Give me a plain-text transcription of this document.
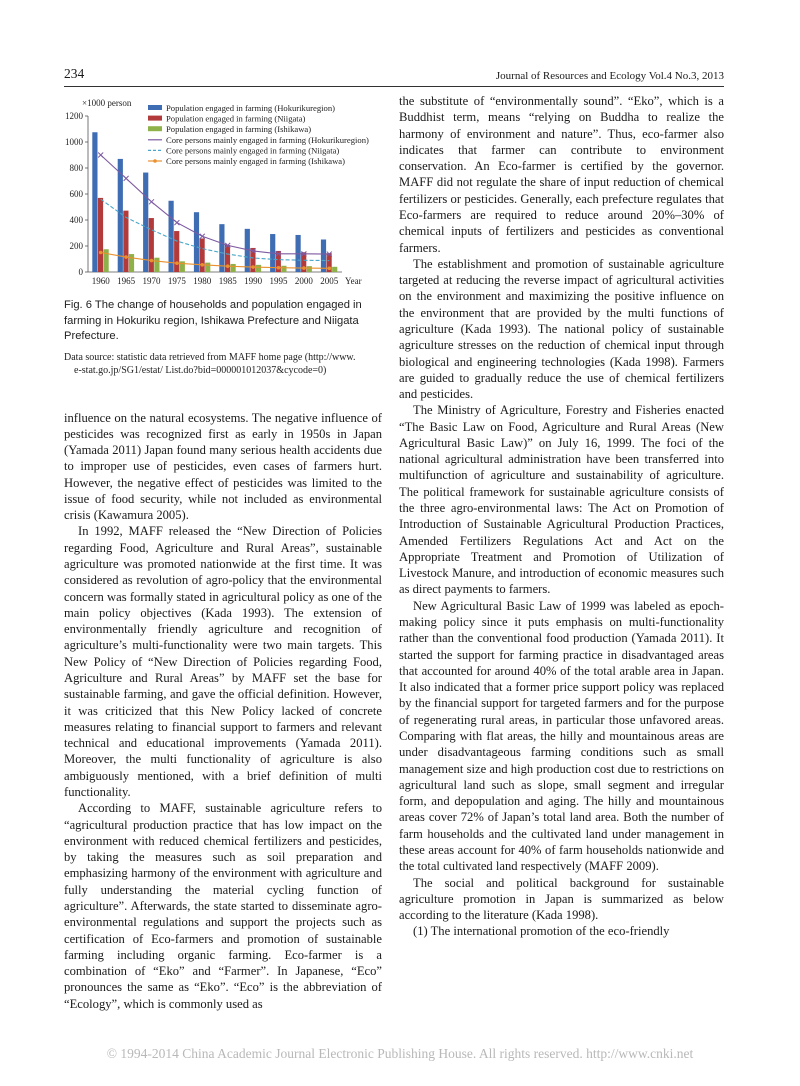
234	Journal of Resources and Ecology Vol.4 No.3, 2013
0
200
400
600
800
1000
1200
×1000 person
1960 1965 1970 1975 1980 1985 1990 1995 2000 2005 Year
Population engaged in farming (Hokurikuregion)
Population engaged in farming (Niigata)
Population engaged in farming (Ishikawa)
Core persons mainly engaged in farming (Hokurikuregion)
Core persons mainly engaged in farming (Niigata)
Core persons mainly engaged in farming (Ishikawa)
Fig. 6 The change of households and population engaged in farming in Hokuriku region, Ishikawa Prefecture and Niigata Prefecture.
Data source: statistic data retrieved from MAFF home page (http://www.
e-stat.go.jp/SG1/estat/ List.do?bid=000001012037&cycode=0)

influence on the natural ecosystems. The negative influence of pesticides was recognized first as early in 1950s in Japan (Yamada 2011) Japan found many serious health accidents due to improper use of pesticides, even cases of farmers hurt. However, the negative effect of pesticides was limited to the issue of food security, while not included as environmental crisis (Kawamura 2005).

In 1992, MAFF released the “New Direction of Policies regarding Food, Agriculture and Rural Areas”, sustainable agriculture was promoted nationwide at the first time. It was considered as revolution of agro-policy that the environmental concern was formally stated in agricultural policy as one of the main policy objectives (Kada 1993). The extension of environmentally friendly agriculture and recognition of agriculture’s multi-functionality were two main targets. This New Policy of “New Direction of Policies regarding Food, Agriculture and Rural Areas” by MAFF set the base for sustainable farming, and gave the official definition. However, it was criticized that this New Policy lacked of concrete measures relating to financial support to farmers and relevant technical and educational improvements (Yamada 2011). Moreover, the multi functionality of agriculture is also ambiguously mentioned, with a brief definition of multi functionality.

According to MAFF, sustainable agriculture refers to “agricultural production practice that has low impact on the environment with reduced chemical fertilizers and pesticides, by taking the measures such as soil preparation and emphasizing harmony of the environment with agriculture and fully understanding the material cycling function of agriculture”. Afterwards, the state started to disseminate agro-environmental regulations and support the projects such as certification of Eco-farmers and promotion of sustainable farming including organic farming. Eco-farmer is a combination of “Eko” and “Farmer”. In Japanese, “Eco” pronounces the same as “Eko”. “Eco” is the abbreviation of “Ecology”, which is commonly used as

the substitute of “environmentally sound”. “Eko”, which is a Buddhist term, means “relying on Buddha to realize the harmony of environment and nature”. Thus, eco-farmer also indicates that farmer can contribute to environment conservation. An Eco-farmer is certified by the governor. MAFF did not regulate the share of input reduction of chemical fertilizers or pesticides. Generally, each prefecture regulates that Eco-farmers are required to reduce around 20%–30% of chemical inputs of fertilizers and pesticides as conventional farmers.

The establishment and promotion of sustainable agriculture targeted at reducing the reverse impact of agricultural activities on the environment and maximizing the positive influence on the environment that are provided by the multi functions of agriculture (Kada 1993). The national policy of sustainable agriculture stresses on the reduction of chemical input through biological and engineering technologies (Kada 1998). Farmers are guided to gradually reduce the use of chemical fertilizers and pesticides.

The Ministry of Agriculture, Forestry and Fisheries enacted “The Basic Law on Food, Agriculture and Rural Areas (New Agricultural Basic Law)” on July 16, 1999. The foci of the national agricultural administration have been transferred into multifunction of agriculture and sustainability of agriculture. The political framework for sustainable agriculture consists of the three agro-environmental laws: The Act on Promotion of Introduction of Sustainable Agricultural Production Practices, Amended Fertilizers Regulations Act and Act on the Appropriate Treatment and Promotion of Utilization of Livestock Manure, and introduction of economic measures such as direct payments to farmers.

New Agricultural Basic Law of 1999 was labeled as epoch-making policy since it puts emphasis on multi-functionality rather than the conventional food production (Yamada 2011). It started the support for farming practice in disadvantaged areas that accounted for around 40% of the total arable area in Japan. It also indicated that a former price support policy was replaced by the financial support for targeted farmers and for the purpose of regenerating rural areas, in particular those unfavored areas. Comparing with flat areas, the hilly and mountainous areas are under disadvantageous farming conditions such as small management size and high production cost due to restrictions on agricultural land such as slope, small segment and irregular form, and depopulation and aging. The hilly and mountainous areas cover 72% of Japan’s total land area. Both the number of farm households and the cultivated land under management in these areas account for 40% of farm households nationwide and the total cultivated land respectively (MAFF 2009).

The social and political background for sustainable agriculture promotion in Japan is summarized as below according to the literature (Kada 1998).

(1) The international promotion of the eco-friendly

© 1994-2014 China Academic Journal Electronic Publishing House. All rights reserved. http://www.cnki.net
